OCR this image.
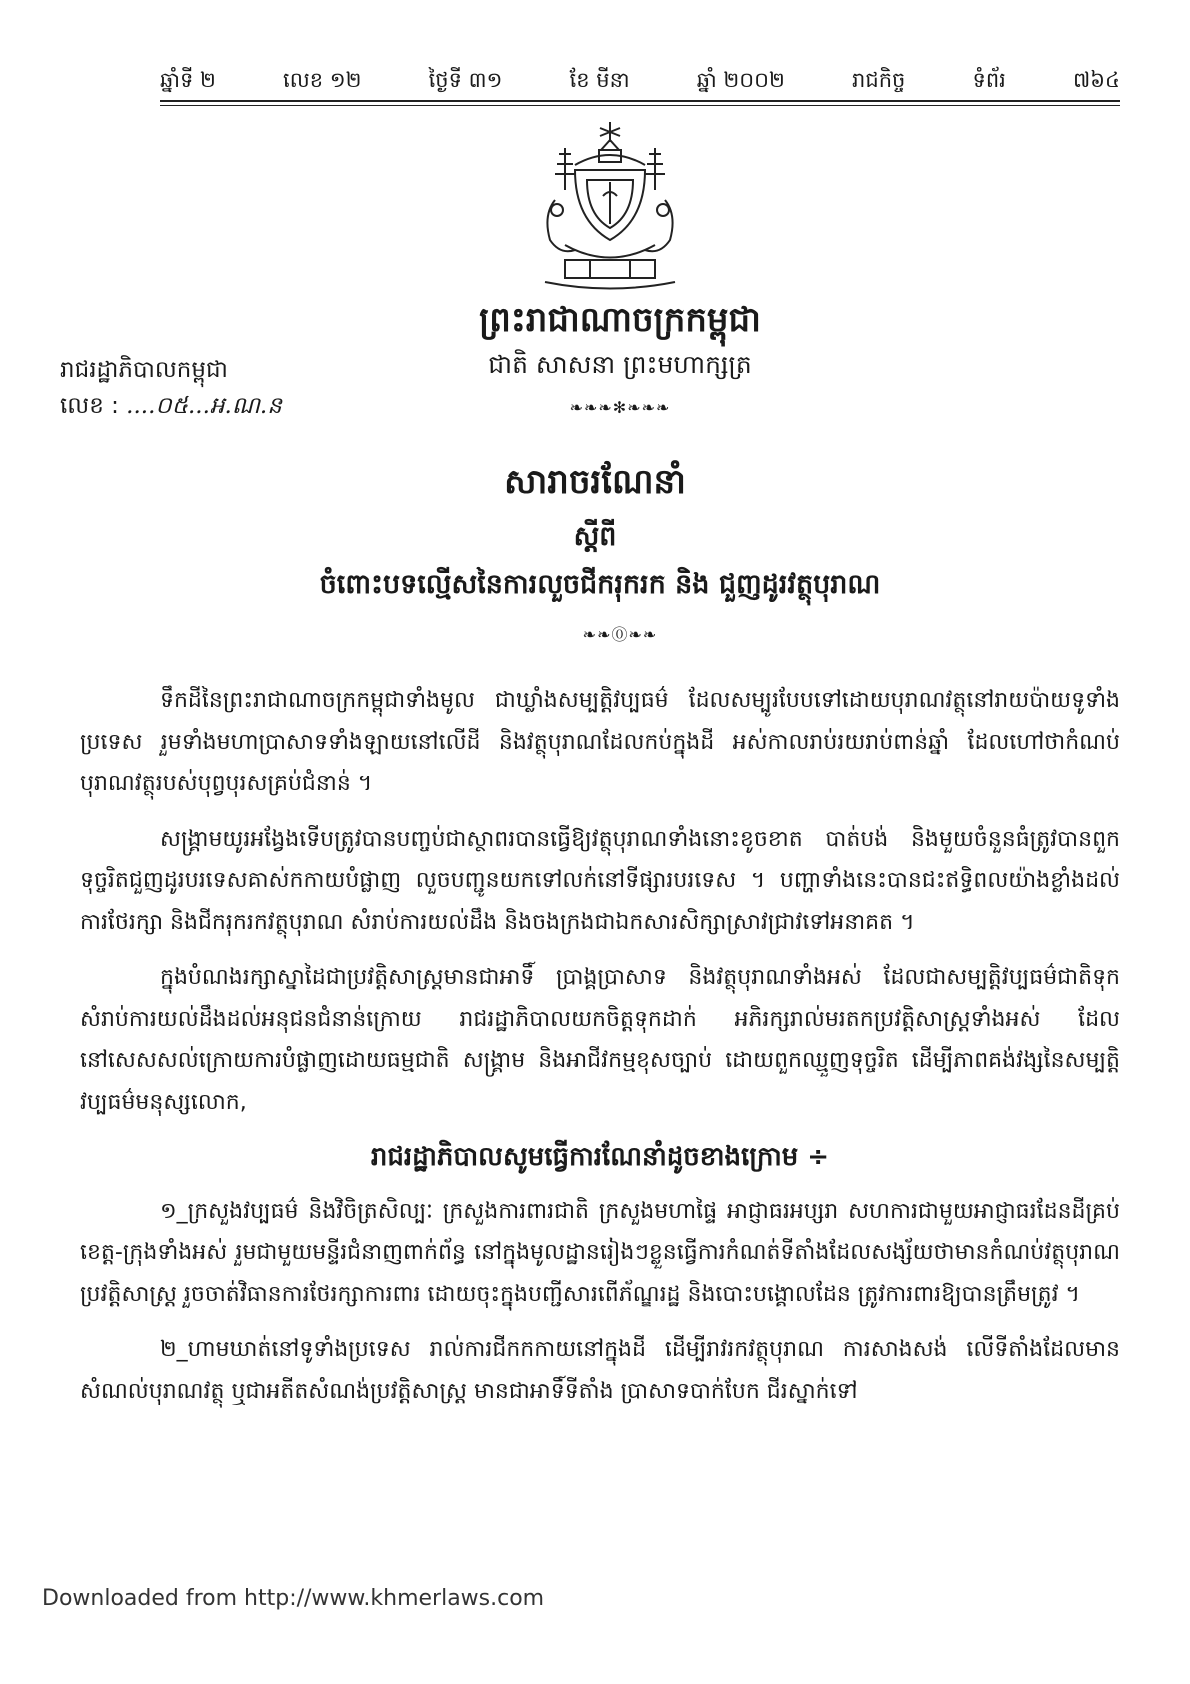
ឆ្នាំទី ២	លេខ ១២	ថ្ងៃទី ៣១	ខែ មីនា	ឆ្នាំ ២០០២	រាជកិច្ច	ទំព័រ	៧៦៤
ព្រះរាជាណាចក្រកម្ពុជា
ជាតិ សាសនា ព្រះមហាក្សត្រ
❧❧❧✻❧❧❧
រាជរដ្ឋាភិបាលកម្ពុជា
លេខ : ....០៥...អ.ណ.ន
សារាចរណែនាំ
ស្តីពី
ចំពោះបទល្មើសនៃការលួចជីករុករក និង ជួញដូរវត្ថុបុរាណ
❧❧⓪❧❧

ទឹកដីនៃព្រះរាជាណាចក្រកម្ពុជាទាំងមូល ជាឃ្លាំងសម្បត្តិវប្បធម៌ ដែលសម្បូរបែបទៅដោយបុរាណវត្ថុនៅរាយប៉ាយទូទាំងប្រទេស រួមទាំងមហាប្រាសាទទាំងឡាយនៅលើដី និងវត្ថុបុរាណដែលកប់ក្នុងដី អស់កាលរាប់រយរាប់ពាន់ឆ្នាំ ដែលហៅថាកំណប់បុរាណវត្ថុរបស់បុព្វបុរសគ្រប់ជំនាន់ ។

សង្គ្រាមយូរអង្វែងទើបត្រូវបានបញ្ចប់ជាស្ថាពរបានធ្វើឱ្យវត្ថុបុរាណទាំងនោះខូចខាត បាត់បង់ និងមួយចំនួនធំត្រូវបានពួកទុច្ចរិតជួញដូរបរទេសគាស់កកាយបំផ្លាញ លួចបញ្ជូនយកទៅលក់នៅទីផ្សារបរទេស ។ បញ្ហាទាំងនេះបានជះឥទ្ធិពលយ៉ាងខ្លាំងដល់ការថែរក្សា និងជីករុករកវត្ថុបុរាណ សំរាប់ការយល់ដឹង និងចងក្រងជាឯកសារសិក្សាស្រាវជ្រាវទៅអនាគត ។

ក្នុងបំណងរក្សាស្នាដៃជាប្រវត្តិសាស្ត្រមានជាអាទិ៍ ប្រាង្គប្រាសាទ និងវត្ថុបុរាណទាំងអស់ ដែលជាសម្បត្តិវប្បធម៌ជាតិទុកសំរាប់ការយល់ដឹងដល់អនុជនជំនាន់ក្រោយ រាជរដ្ឋាភិបាលយកចិត្តទុកដាក់ អភិរក្សរាល់មរតកប្រវត្តិសាស្ត្រទាំងអស់ ដែលនៅសេសសល់ក្រោយការបំផ្លាញដោយធម្មជាតិ សង្គ្រាម និងអាជីវកម្មខុសច្បាប់ ដោយពួកឈ្មួញទុច្ចរិត ដើម្បីភាពគង់វង្សនៃសម្បត្តិវប្បធម៌មនុស្សលោក,

រាជរដ្ឋាភិបាលសូមធ្វើការណែនាំដូចខាងក្រោម ÷

១_ក្រសួងវប្បធម៌ និងវិចិត្រសិល្បៈ ក្រសួងការពារជាតិ ក្រសួងមហាផ្ទៃ អាជ្ញាធរអប្សរា សហការជាមួយអាជ្ញាធរដែនដីគ្រប់ខេត្ត-ក្រុងទាំងអស់ រួមជាមួយមន្ទីរជំនាញពាក់ព័ន្ធ នៅក្នុងមូលដ្ឋានរៀងៗខ្លួនធ្វើការកំណត់ទីតាំងដែលសង្ស័យថាមានកំណប់វត្ថុបុរាណប្រវត្តិសាស្ត្រ រួចចាត់វិធានការថែរក្សាការពារ ដោយចុះក្នុងបញ្ជីសារពើភ័ណ្ឌរដ្ឋ និងបោះបង្គោលដែន ត្រូវការពារឱ្យបានត្រឹមត្រូវ ។

២_ហាមឃាត់នៅទូទាំងប្រទេស រាល់ការជីកកកាយនៅក្នុងដី ដើម្បីរាវរកវត្ថុបុរាណ ការសាងសង់ លើទីតាំងដែលមានសំណល់បុរាណវត្ថុ ឬជាអតីតសំណង់ប្រវត្តិសាស្ត្រ មានជាអាទិ៍ទីតាំង ប្រាសាទបាក់បែក ជីរស្នាក់ទៅ

Downloaded from http://www.khmerlaws.com
